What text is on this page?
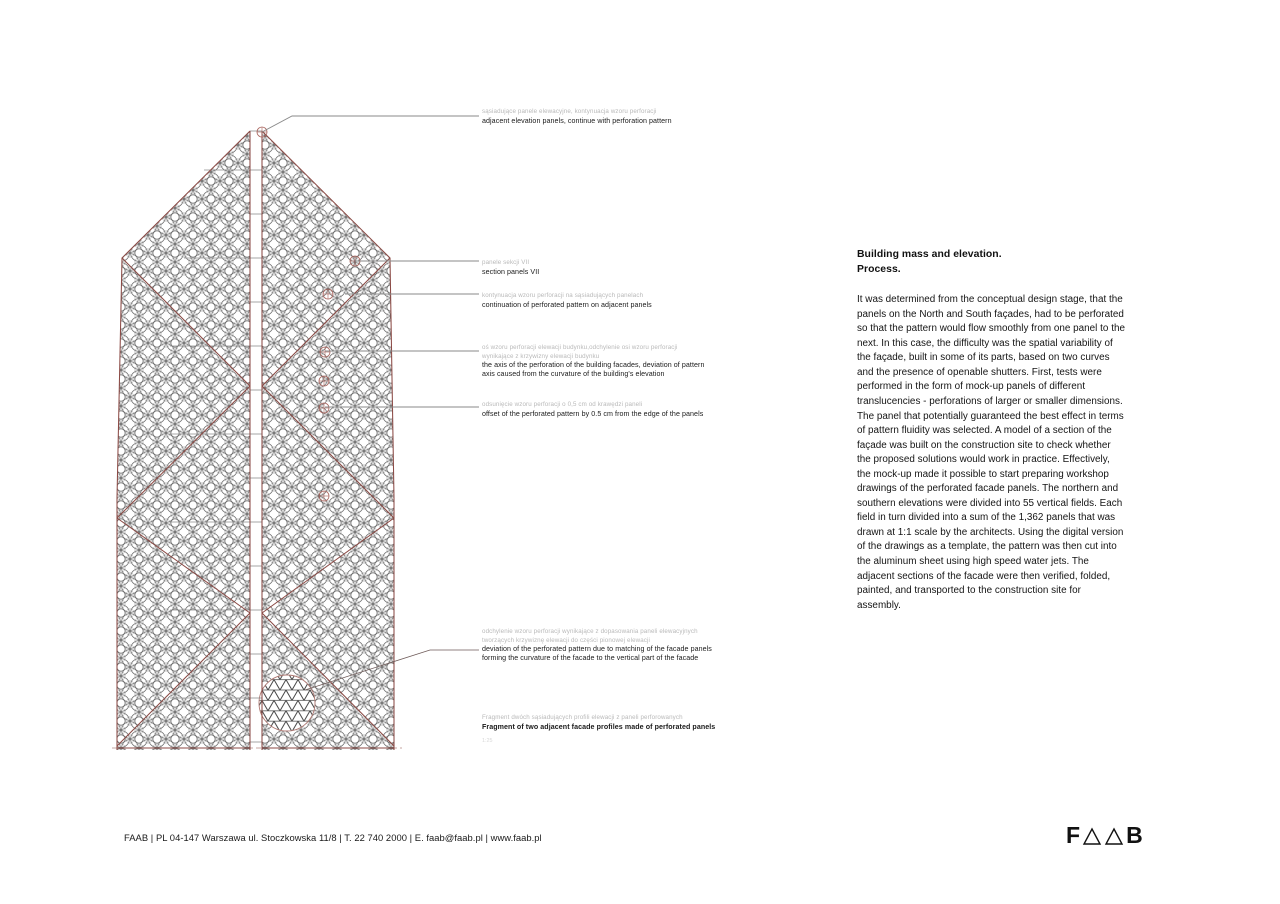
sąsiadujące panele elewacyjne, kontynuacja wzoru perforacji
adjacent elevation panels, continue with perforation pattern
panele sekcji VII
section panels VII
kontynuacja wzoru perforacji na sąsiadujących panelach
continuation of perforated pattern on adjacent panels
oś wzoru perforacji elewacji budynku,odchylenie osi wzoru perforacji
wynikające z krzywizny elewacji budynku
the axis of the perforation of the building facades, deviation of pattern
axis caused from the curvature of the building's elevation
odsunięcie wzoru perforacji o 0,5 cm od krawędzi paneli
offset of the perforated pattern by 0.5 cm from the edge of the panels
odchylenie wzoru perforacji wynikające z dopasowania paneli elewacyjnych
tworzących krzywiznę elewacji do części pionowej elewacji
deviation of the perforated pattern due to matching of the facade panels
forming the curvature of the facade to the vertical part of the facade
Fragment dwóch sąsiadujących profili elewacji z paneli perforowanych
Fragment of two adjacent facade profiles made of perforated panels
1:25
Building mass and elevation.
Process.

It was determined from the conceptual design stage, that the panels on the North and South façades, had to be perforated so that the pattern would flow smoothly from one panel to the next. In this case, the difficulty was the spatial variability of the façade, built in some of its parts, based on two curves and the presence of openable shutters. First, tests were performed in the form of mock-up panels of different translucencies - perforations of larger or smaller dimensions. The panel that potentially guaranteed the best effect in terms of pattern fluidity was selected. A model of a section of the façade was built on the construction site to check whether the proposed solutions would work in practice. Effectively, the mock-up made it possible to start preparing workshop drawings of the perforated facade panels. The northern and southern elevations were divided into 55 vertical fields. Each field in turn divided into a sum of the 1,362 panels that was drawn at 1:1 scale by the architects. Using the digital version of the drawings as a template, the pattern was then cut into the aluminum sheet using high speed water jets. The adjacent sections of the facade were then verified, folded, painted, and transported to the construction site for assembly.

FAAB | PL 04-147 Warszawa ul. Stoczkowska 11/8 | T. 22 740 2000 | E. faab@faab.pl | www.faab.pl	F B
